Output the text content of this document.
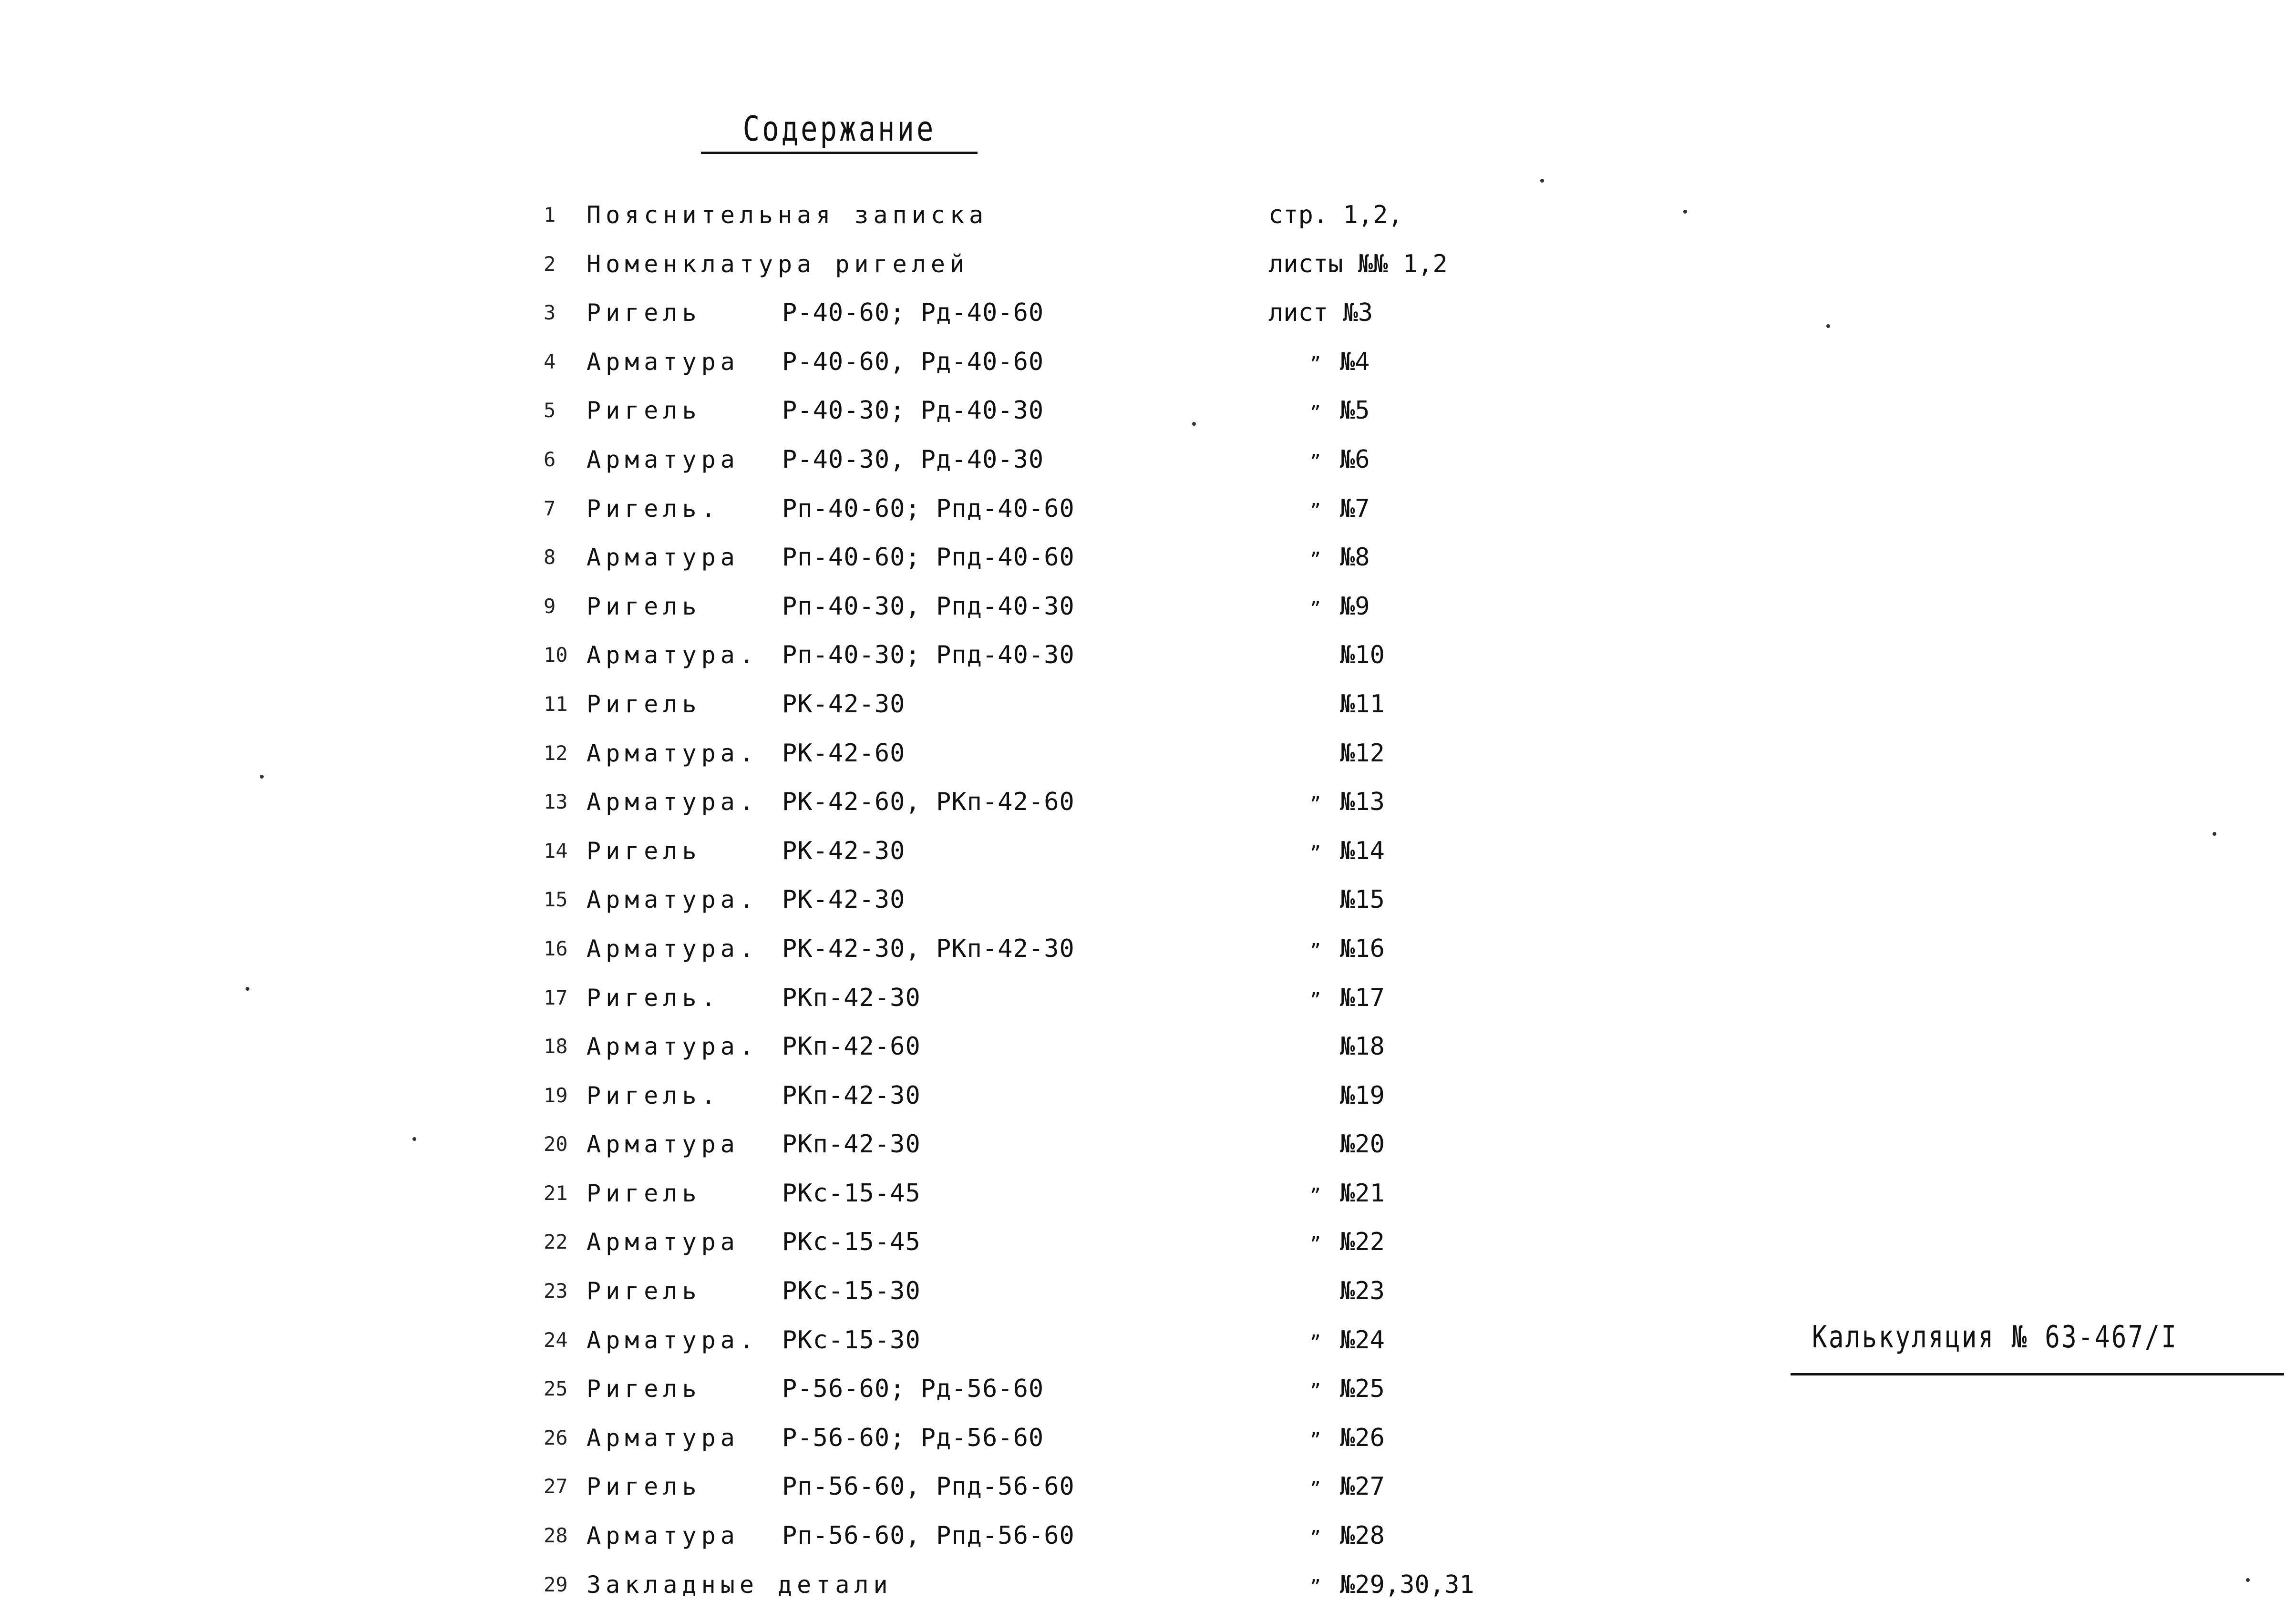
Содержание
1	Пояснительная записка	стр. 1,2,
2	Номенклатура ригелей	листы №№ 1,2
3	Ригель	Р-40-60; Рд-40-60	лист №3
4	Арматура	Р-40-60, Рд-40-60	” №4
5	Ригель	Р-40-30; Рд-40-30	” №5
6	Арматура	Р-40-30, Рд-40-30	” №6
7	Ригель.	Рп-40-60; Рпд-40-60	” №7
8	Арматура	Рп-40-60; Рпд-40-60	” №8
9	Ригель	Рп-40-30, Рпд-40-30	” №9
10 Арматура. Рп-40-30; Рпд-40-30	№10
11 Ригель	РК-42-30	№11
12 Арматура. РК-42-60	№12
13 Арматура. РК-42-60, РКп-42-60	” №13
14 Ригель	РК-42-30	” №14
15 Арматура. РК-42-30	№15
16 Арматура. РК-42-30, РКп-42-30	” №16
17 Ригель.	РКп-42-30	” №17
18 Арматура. РКп-42-60	№18
19 Ригель.	РКп-42-30	№19
20 Арматура	РКп-42-30	№20
21 Ригель	РКс-15-45	” №21
22 Арматура	РКс-15-45	” №22
23 Ригель	РКс-15-30	№23
24 Арматура. РКс-15-30	” №24
25 Ригель	Р-56-60; Рд-56-60	” №25
26 Арматура	Р-56-60; Рд-56-60	” №26
27 Ригель	Рп-56-60, Рпд-56-60	” №27
28 Арматура	Рп-56-60, Рпд-56-60	” №28
29 Закладные детали	” №29,30,31
Калькуляция № 63-467/I
